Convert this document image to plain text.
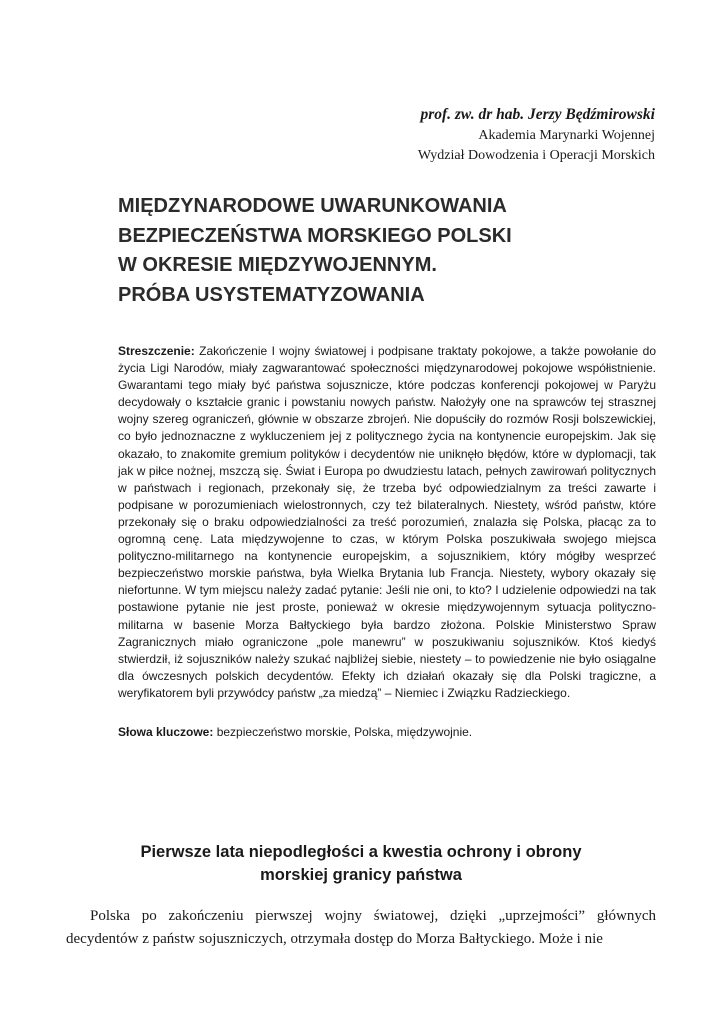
prof. zw. dr hab. Jerzy Będźmirowski
Akademia Marynarki Wojennej
Wydział Dowodzenia i Operacji Morskich
MIĘDZYNARODOWE UWARUNKOWANIA
BEZPIECZEŃSTWA MORSKIEGO POLSKI
W OKRESIE MIĘDZYWOJENNYM.
PRÓBA USYSTEMATYZOWANIA

Streszczenie: Zakończenie I wojny światowej i podpisane traktaty pokojowe, a także powołanie do życia Ligi Narodów, miały zagwarantować społeczności międzynarodowej pokojowe współistnienie. Gwarantami tego miały być państwa sojusznicze, które podczas konferencji pokojowej w Paryżu decydowały o kształcie granic i powstaniu nowych państw. Nałożyły one na sprawców tej strasznej wojny szereg ograniczeń, głównie w obszarze zbrojeń. Nie dopuściły do rozmów Rosji bolszewickiej, co było jednoznaczne z wykluczeniem jej z politycznego życia na kontynencie europejskim. Jak się okazało, to znakomite gremium polityków i decydentów nie uniknęło błędów, które w dyplomacji, tak jak w piłce nożnej, mszczą się. Świat i Europa po dwudziestu latach, pełnych zawirowań politycznych w państwach i regionach, przekonały się, że trzeba być odpowiedzialnym za treści zawarte i podpisane w porozumieniach wielostronnych, czy też bilateralnych. Niestety, wśród państw, które przekonały się o braku odpowiedzialności za treść porozumień, znalazła się Polska, płacąc za to ogromną cenę. Lata międzywojenne to czas, w którym Polska poszukiwała swojego miejsca polityczno-militarnego na kontynencie europejskim, a sojusznikiem, który mógłby wesprzeć bezpieczeństwo morskie państwa, była Wielka Brytania lub Francja. Niestety, wybory okazały się niefortunne. W tym miejscu należy zadać pytanie: Jeśli nie oni, to kto? I udzielenie odpowiedzi na tak postawione pytanie nie jest proste, ponieważ w okresie międzywojennym sytuacja polityczno-militarna w basenie Morza Bałtyckiego była bardzo złożona. Polskie Ministerstwo Spraw Zagranicznych miało ograniczone „pole manewru” w poszukiwaniu sojuszników. Ktoś kiedyś stwierdził, iż sojuszników należy szukać najbliżej siebie, niestety – to powiedzenie nie było osiągalne dla ówczesnych polskich decydentów. Efekty ich działań okazały się dla Polski tragiczne, a weryfikatorem byli przywódcy państw „za miedzą” – Niemiec i Związku Radzieckiego.

Słowa kluczowe: bezpieczeństwo morskie, Polska, międzywojnie.

Pierwsze lata niepodległości a kwestia ochrony i obrony
morskiej granicy państwa

Polska po zakończeniu pierwszej wojny światowej, dzięki „uprzejmości” głównych decydentów z państw sojuszniczych, otrzymała dostęp do Morza Bałtyckiego. Może i nie
